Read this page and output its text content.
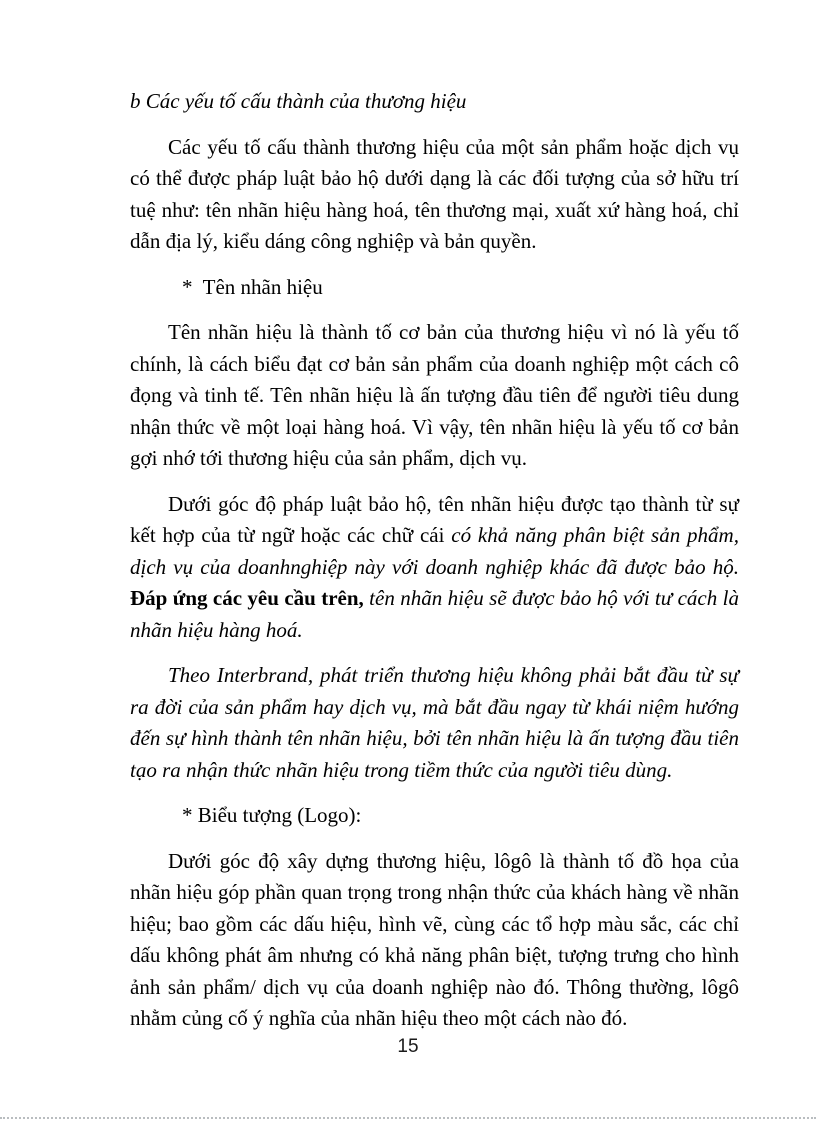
b Các yếu tố cấu thành của thương hiệu

Các yếu tố cấu thành thương hiệu của một sản phẩm hoặc dịch vụ có thể được pháp luật bảo hộ dưới dạng là các đối tượng của sở hữu trí tuệ như: tên nhãn hiệu hàng hoá, tên thương mại, xuất xứ hàng hoá, chỉ dẫn địa lý, kiểu dáng công nghiệp và bản quyền.

*  Tên nhãn hiệu

Tên nhãn hiệu là thành tố cơ bản của thương hiệu vì nó là yếu tố chính, là cách biểu đạt cơ bản sản phẩm của doanh nghiệp một cách cô đọng và tinh tế. Tên nhãn hiệu là ấn tượng đầu tiên để người tiêu dung nhận thức về một loại hàng hoá. Vì vậy, tên nhãn hiệu là yếu tố cơ bản gợi nhớ tới thương hiệu của sản phẩm, dịch vụ.

Dưới góc độ pháp luật bảo hộ, tên nhãn hiệu được tạo thành từ sự kết hợp của từ ngữ hoặc các chữ cái có khả năng phân biệt sản phẩm, dịch vụ của doanhnghiệp này với doanh nghiệp khác đã được bảo hộ. Đáp ứng các yêu cầu trên, tên nhãn hiệu sẽ được bảo hộ với tư cách là nhãn hiệu hàng hoá.

Theo Interbrand, phát triển thương hiệu không phải bắt đầu từ sự ra đời của sản phẩm hay dịch vụ, mà bắt đầu ngay từ khái niệm hướng đến sự hình thành tên nhãn hiệu, bởi tên nhãn hiệu là ấn tượng đầu tiên tạo ra nhận thức nhãn hiệu trong tiềm thức của người tiêu dùng.

* Biểu tượng (Logo):

Dưới góc độ xây dựng thương hiệu, lôgô là thành tố đồ họa của nhãn hiệu góp phần quan trọng trong nhận thức của khách hàng về nhãn hiệu; bao gồm các dấu hiệu, hình vẽ, cùng các tổ hợp màu sắc, các chỉ dấu không phát âm nhưng có khả năng phân biệt, tượng trưng cho hình ảnh sản phẩm/ dịch vụ của doanh nghiệp nào đó. Thông thường, lôgô nhằm củng cố ý nghĩa của nhãn hiệu theo một cách nào đó.

15
